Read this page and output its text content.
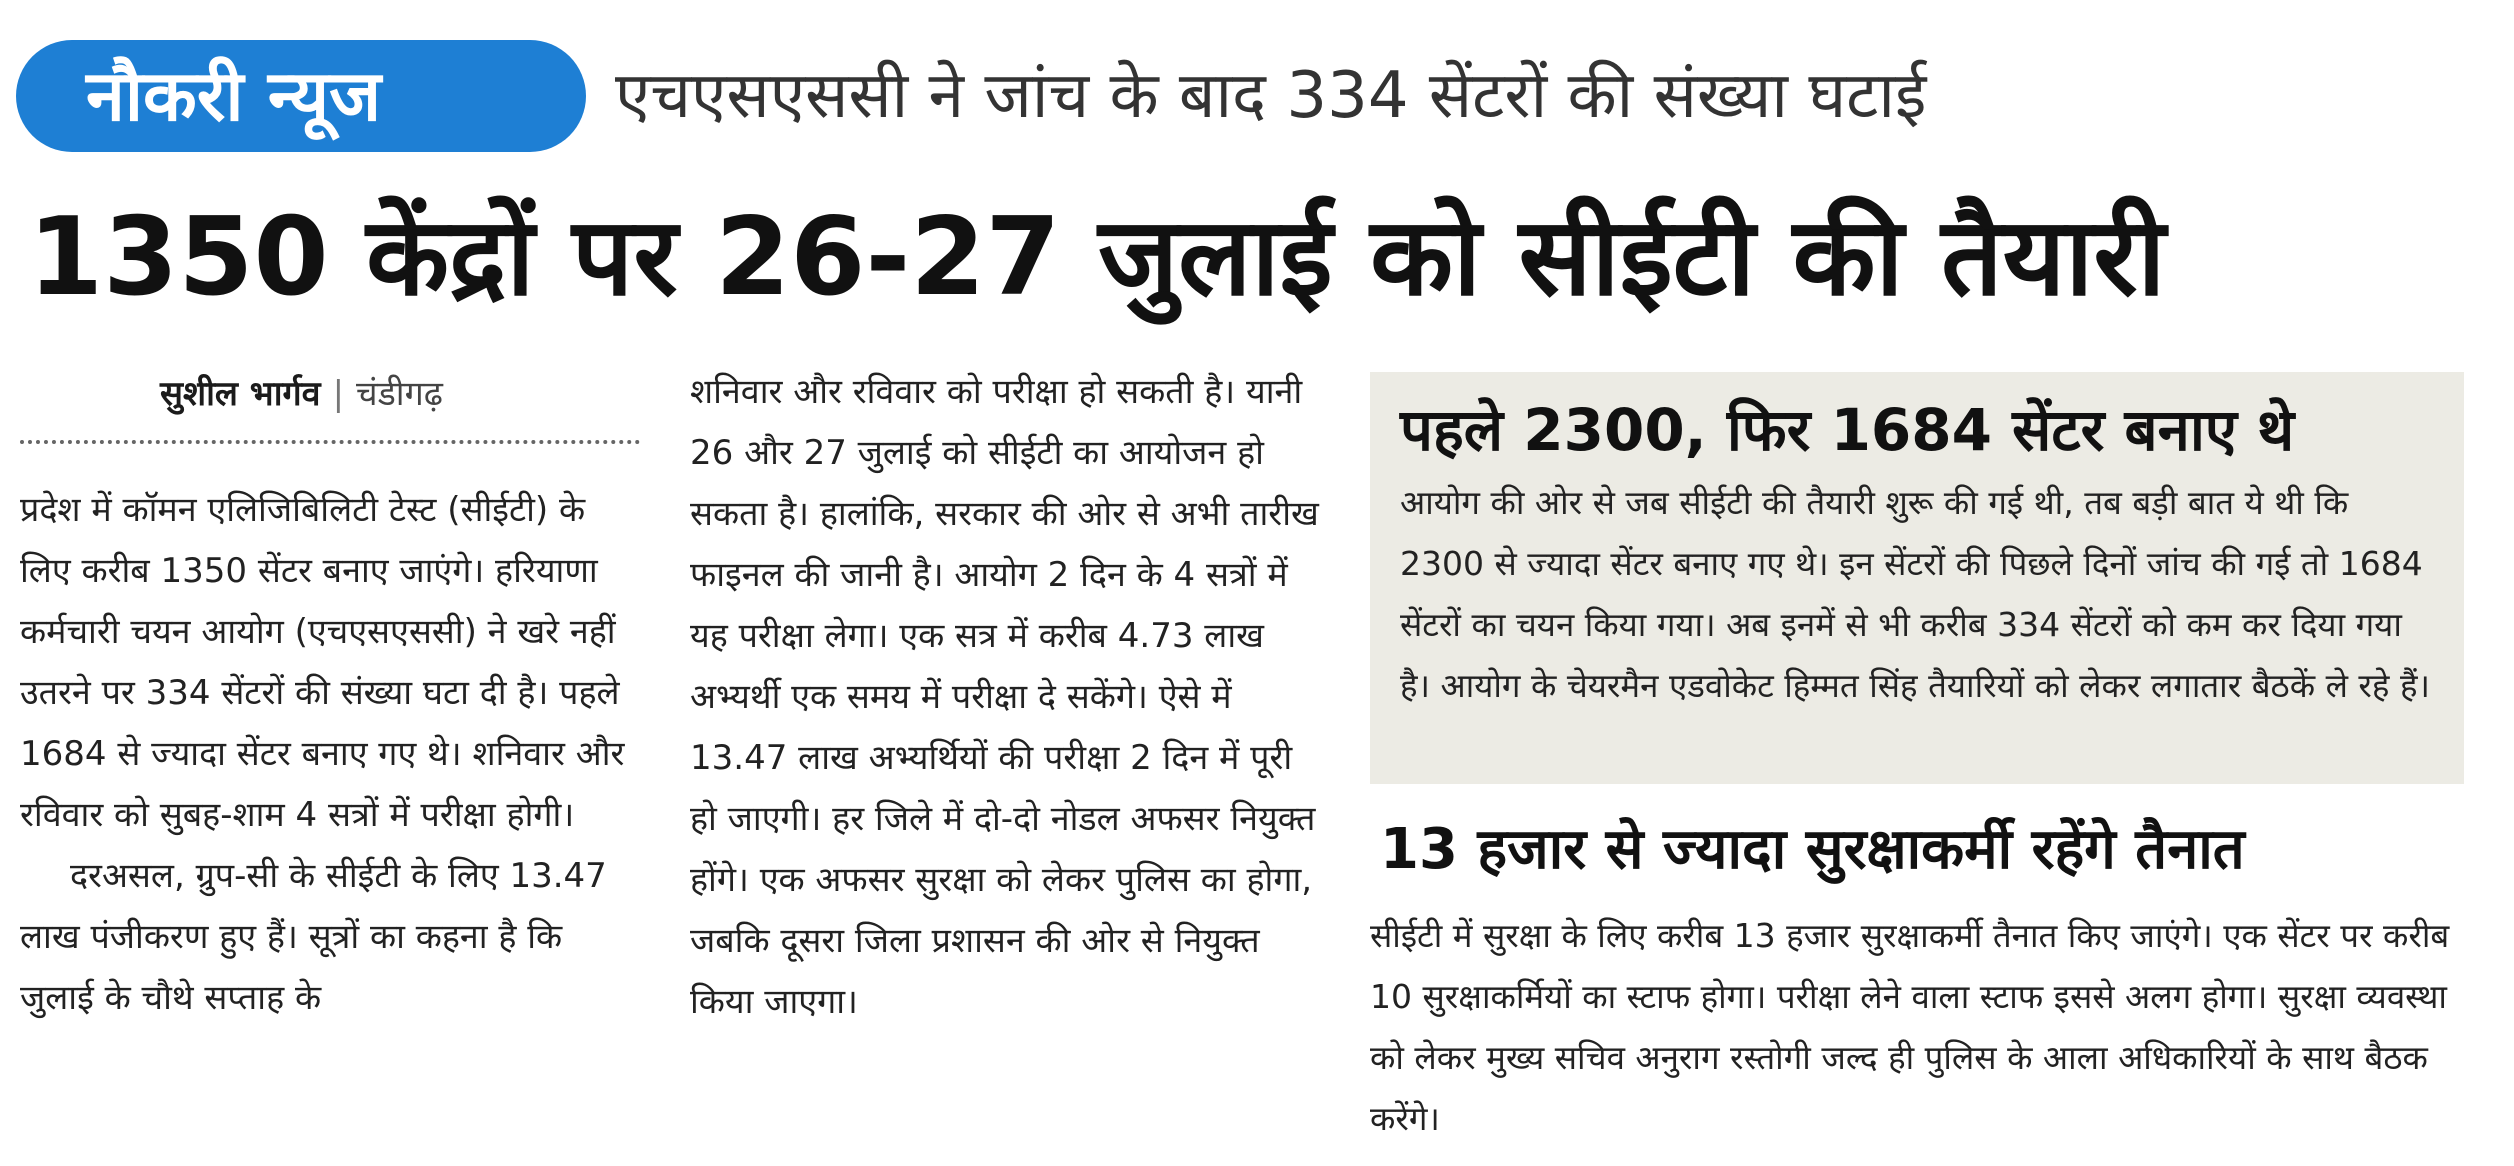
नौकरी न्यूज	एचएसएससी ने जांच के बाद 334 सेंटरों की संख्या घटाई
1350 केंद्रों पर 26-27 जुलाई को सीईटी की तैयारी
सुशील भार्गव | चंडीगढ़

प्रदेश में कॉमन एलिजिबिलिटी टेस्ट (सीईटी) के लिए करीब 1350 सेंटर बनाए जाएंगे। हरियाणा कर्मचारी चयन आयोग (एचएसएससी) ने खरे नहीं उतरने पर 334 सेंटरों की संख्या घटा दी है। पहले 1684 से ज्यादा सेंटर बनाए गए थे। शनिवार और रविवार को सुबह-शाम 4 सत्रों में परीक्षा होगी।

दरअसल, ग्रुप-सी के सीईटी के लिए 13.47 लाख पंजीकरण हुए हैं। सूत्रों का कहना है कि जुलाई के चौथे सप्ताह के

शनिवार और रविवार को परीक्षा हो सकती है। यानी 26 और 27 जुलाई को सीईटी का आयोजन हो सकता है। हालांकि, सरकार की ओर से अभी तारीख फाइनल की जानी है। आयोग 2 दिन के 4 सत्रों में यह परीक्षा लेगा। एक सत्र में करीब 4.73 लाख अभ्यर्थी एक समय में परीक्षा दे सकेंगे। ऐसे में 13.47 लाख अभ्यर्थियों की परीक्षा 2 दिन में पूरी हो जाएगी। हर जिले में दो-दो नोडल अफसर नियुक्त होंगे। एक अफसर सुरक्षा को लेकर पुलिस का होगा, जबकि दूसरा जिला प्रशासन की ओर से नियुक्त किया जाएगा।

पहले 2300, फिर 1684 सेंटर बनाए थे

आयोग की ओर से जब सीईटी की तैयारी शुरू की गई थी, तब बड़ी बात ये थी कि 2300 से ज्यादा सेंटर बनाए गए थे। इन सेंटरों की पिछले दिनों जांच की गई तो 1684 सेंटरों का चयन किया गया। अब इनमें से भी करीब 334 सेंटरों को कम कर दिया गया है। आयोग के चेयरमैन एडवोकेट हिम्मत सिंह तैयारियों को लेकर लगातार बैठकें ले रहे हैं।

13 हजार से ज्यादा सुरक्षाकर्मी रहेंगे तैनात

सीईटी में सुरक्षा के लिए करीब 13 हजार सुरक्षाकर्मी तैनात किए जाएंगे। एक सेंटर पर करीब 10 सुरक्षाकर्मियों का स्टाफ होगा। परीक्षा लेने वाला स्टाफ इससे अलग होगा। सुरक्षा व्यवस्था को लेकर मुख्य सचिव अनुराग रस्तोगी जल्द ही पुलिस के आला अधिकारियों के साथ बैठक करेंगे।
